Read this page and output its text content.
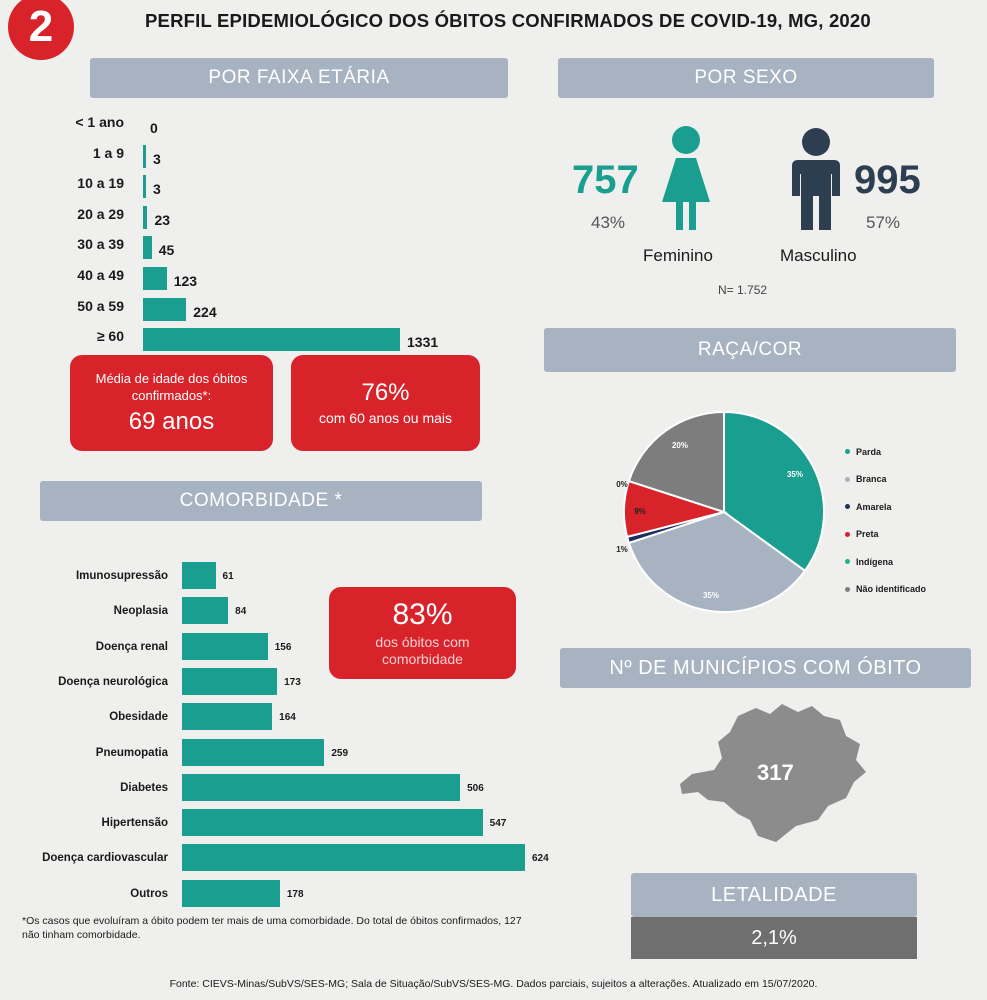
2	PERFIL EPIDEMIOLÓGICO DOS ÓBITOS CONFIRMADOS DE COVID-19, MG, 2020
POR FAIXA ETÁRIA
< 1 ano 0
1 a 9 3
10 a 19 3
20 a 29 23
30 a 39 45
40 a 49	123
50 a 59	224
≥ 60	1331
Média de idade dos óbitos confirmados*:
69 anos
76%
com 60 anos ou mais
POR SEXO
757
43%
995
57%
Feminino	Masculino
N= 1.752
RAÇA/COR
35%
35%
1%
9%
0%
20%
Parda
Branca
Amarela
Preta
Indígena
Não identificado
COMORBIDADE *
Imunosupressão	61
Neoplasia	84
Doença renal	156
Doença neurológica	173
Obesidade	164
Pneumopatia	259
Diabetes	506
Hipertensão	547
Doença cardiovascular	624
Outros	178
83%
dos óbitos com comorbidade
*Os casos que evoluíram a óbito podem ter mais de uma comorbidade. Do total de óbitos confirmados, 127 não tinham comorbidade.
Nº DE MUNICÍPIOS COM ÓBITO
317
LETALIDADE
2,1%
Fonte: CIEVS-Minas/SubVS/SES-MG; Sala de Situação/SubVS/SES-MG. Dados parciais, sujeitos a alterações. Atualizado em 15/07/2020.
